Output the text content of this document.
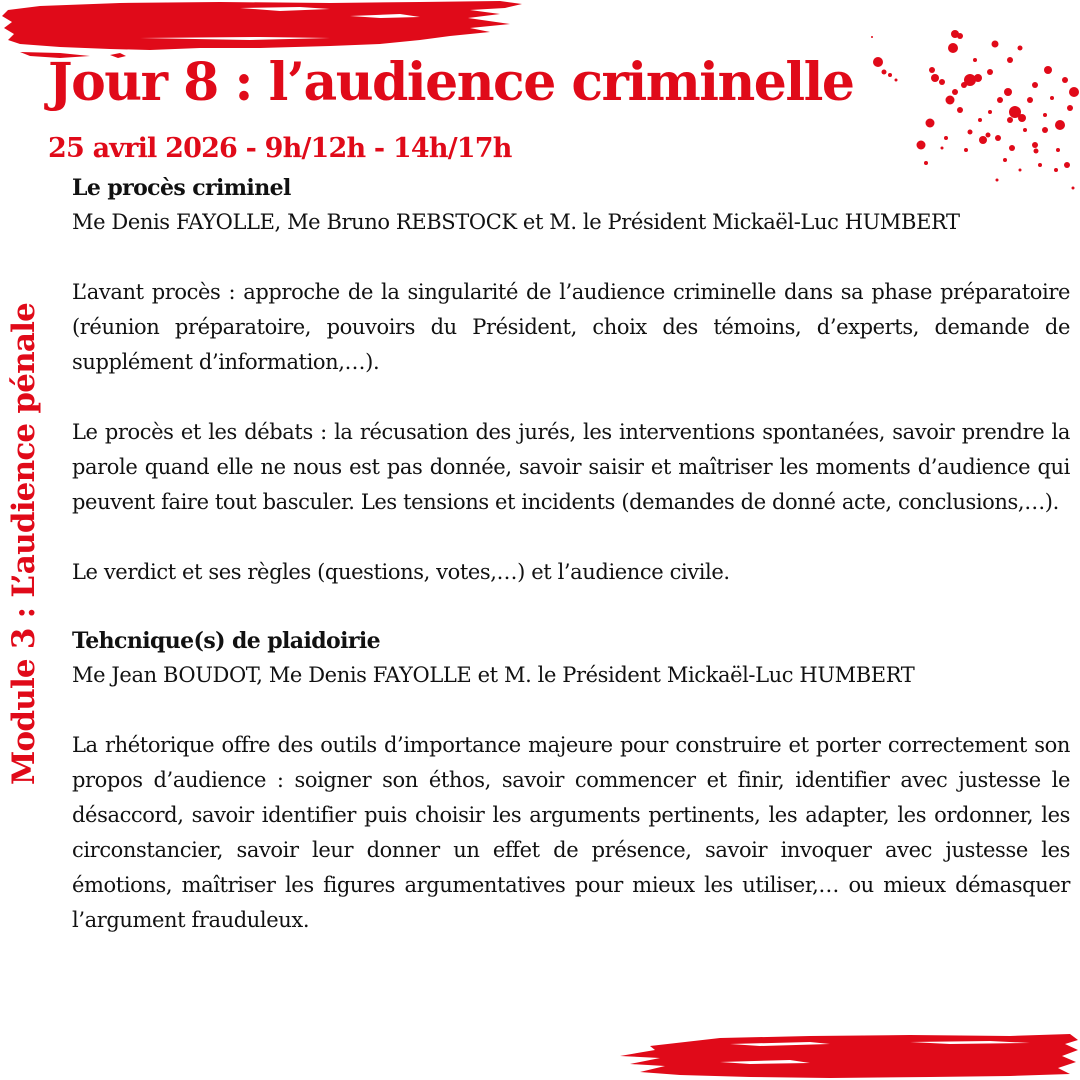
Jour 8 : l’audience criminelle
25 avril 2026 - 9h/12h - 14h/17h
Module 3 : L’audience pénale
Le procès criminel

Me Denis FAYOLLE, Me Bruno REBSTOCK et M. le Président Mickaël-Luc HUMBERT

L’avant procès : approche de la singularité de l’audience criminelle dans sa phase préparatoire (réunion préparatoire, pouvoirs du Président, choix des témoins, d’experts, demande de supplément d’information,…).

Le procès et les débats : la récusation des jurés, les interventions spontanées, savoir prendre la parole quand elle ne nous est pas donnée, savoir saisir et maîtriser les moments d’audience qui peuvent faire tout basculer. Les tensions et incidents (demandes de donné acte, conclusions,…).

Le verdict et ses règles (questions, votes,…) et l’audience civile.

Tehcnique(s) de plaidoirie

Me Jean BOUDOT, Me Denis FAYOLLE et M. le Président Mickaël-Luc HUMBERT

La rhétorique offre des outils d’importance majeure pour construire et porter correctement son propos d’audience : soigner son éthos, savoir commencer et finir, identifier avec justesse le désaccord, savoir identifier puis choisir les arguments pertinents, les adapter, les ordonner, les circonstancier, savoir leur donner un effet de présence, savoir invoquer avec justesse les émotions, maîtriser les figures argumentatives pour mieux les utiliser,… ou mieux démasquer l’argument frauduleux.
